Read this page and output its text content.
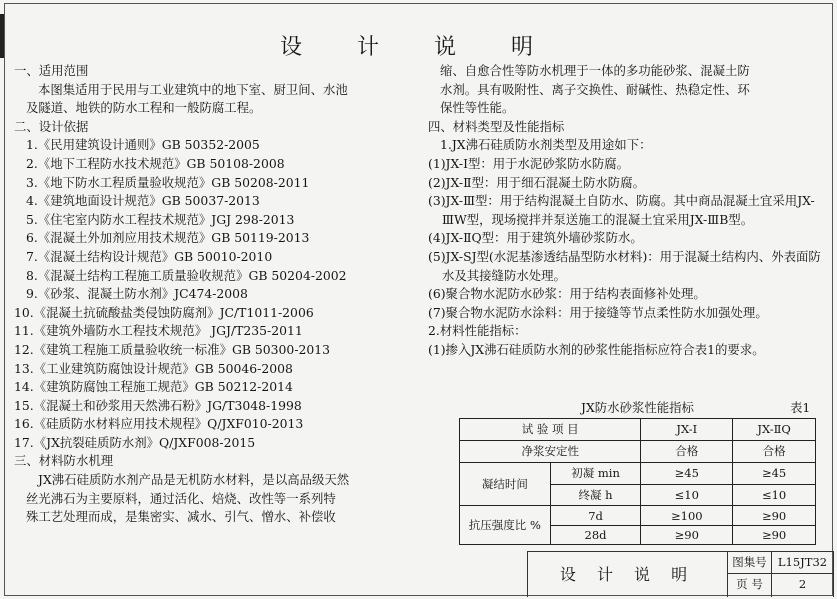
设 计 说 明
一、适用范围
本图集适用于民用与工业建筑中的地下室、厨卫间、水池
及隧道、地铁的防水工程和一般防腐工程。
二、设计依据
1.《民用建筑设计通则》GB 50352-2005
2.《地下工程防水技术规范》GB 50108-2008
3.《地下防水工程质量验收规范》GB 50208-2011
4.《建筑地面设计规范》GB 50037-2013
5.《住宅室内防水工程技术规范》JGJ 298-2013
6.《混凝土外加剂应用技术规范》GB 50119-2013
7.《混凝土结构设计规范》GB 50010-2010
8.《混凝土结构工程施工质量验收规范》GB 50204-2002
9.《砂浆、混凝土防水剂》JC474-2008
10.《混凝土抗硫酸盐类侵蚀防腐剂》JC/T1011-2006
11.《建筑外墙防水工程技术规范》 JGJ/T235-2011
12.《建筑工程施工质量验收统一标准》GB 50300-2013
13.《工业建筑防腐蚀设计规范》GB 50046-2008
14.《建筑防腐蚀工程施工规范》GB 50212-2014
15.《混凝土和砂浆用天然沸石粉》JG/T3048-1998
16.《硅质防水材料应用技术规程》Q/JXF010-2013
17.《JX抗裂硅质防水剂》Q/JXF008-2015
三、材料防水机理
JX沸石硅质防水剂产品是无机防水材料，是以高品级天然
丝光沸石为主要原料，通过活化、焙烧、改性等一系列特
殊工艺处理而成，是集密实、减水、引气、憎水、补偿收
缩、自愈合性等防水机理于一体的多功能砂浆、混凝土防
水剂。具有吸附性、离子交换性、耐碱性、热稳定性、环
保性等性能。
四、材料类型及性能指标
1.JX沸石硅质防水剂类型及用途如下：
(1)JX-Ⅰ型：用于水泥砂浆防水防腐。
(2)JX-Ⅱ型：用于细石混凝土防水防腐。
(3)JX-Ⅲ型：用于结构混凝土自防水、防腐。其中商品混凝土宜采用JX-ⅢW型，现场搅拌并泵送施工的混凝土宜采用JX-ⅢB型。
(4)JX-ⅡQ型：用于建筑外墙砂浆防水。
(5)JX-SJ型(水泥基渗透结晶型防水材料)：用于混凝土结构内、外表面防水及其接缝防水处理。
(6)聚合物水泥防水砂浆：用于结构表面修补处理。
(7)聚合物水泥防水涂料：用于接缝等节点柔性防水加强处理。
2.材料性能指标：
(1)掺入JX沸石硅质防水剂的砂浆性能指标应符合表1的要求。
JX防水砂浆性能指标	表1
试 验 项 目		JX-Ⅰ	JX-ⅡQ
净浆安定性		合格	合格
凝结时间	初凝 min	≥45	≥45
	终凝 h	≤10	≤10
抗压强度比 %	7d	≥100	≥90
	28d	≥90	≥90
设 计 说 明
图集号 L15JT32
页 号	2
